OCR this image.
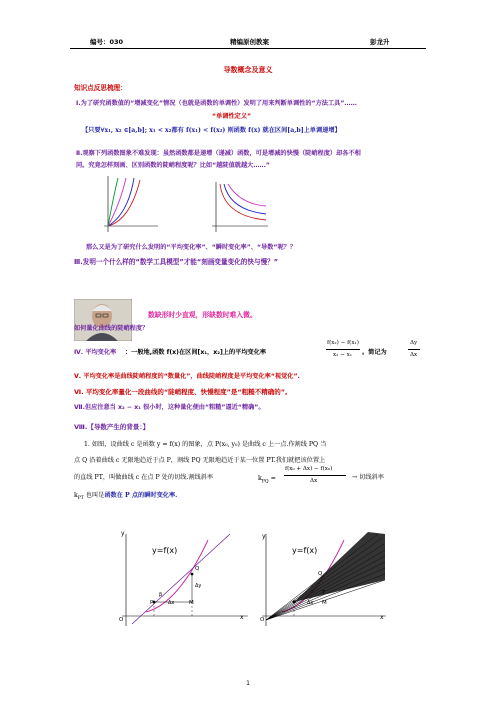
编号：030	精编原创教案	彭龙升
导数概念及意义
知识点反思梳理：
Ⅰ.为了研究函数值的“增减变化”情况（也就是函数的单调性）发明了用来判断单调性的“方法工具”……
“单调性定义”
【只要∀x₁, x₂ ∈[a,b]; x₁ < x₂都有 f(x₁) < f(x₂) 则函数 f(x) 就在区间[a,b]上单调递增】
Ⅱ.观察下列函数图象不难发现：虽然函数都是递增（递减）函数，可是增减的快慢（陡峭程度）却各不相
同。究竟怎样刻画、区别函数的陡峭程度呢？比如“越陡值就越大……”
那么又是为了研究什么发明的“平均变化率”、“瞬时变化率”、“导数”呢？？
Ⅲ.发明一个什么样的“数学工具模型”才能“刻画变量变化的快与慢？”
数缺形时少直观，形缺数时难入微。
如何量化曲线的陡峭程度？
Ⅳ. 平均变化率 ：一般地,函数 f(x)在区间[x₁，x₂]上的平均变化率
f(x₂) − f(x₁)
x₂ − x₁ 。简记为
Δy
Δx
Ⅴ. 平均变化率是曲线陡峭程度的“数量化”，曲线陡峭程度是平均变化率“视觉化”.
Ⅵ. 平均变化率量化一段曲线的“陡峭程度、快慢程度”是“粗糙不精确的”,
Ⅶ.但应注意当 x₂ − x₁ 很小时，这种量化便由“粗糙”逼近“精确”。
Ⅷ.【导数产生的背景：】
1. 如图，设曲线 c 是函数 y = f(x) 的图象，点 P(x₀, y₀) 是曲线 c 上一点.作割线 PQ 当
点 Q 沿着曲线 c 无限地趋近于点 P，割线 PQ 无限地趋近于某一位置 PT.我们就把该位置上
的直线 PT，叫做曲线 c 在点 P 处的切线.割线斜率	$k_{PQ}$ =
f(x₀ + Δx) − f(x₀)
Δx	→ 切线斜率
$k_{PT}$ 也叫是函数在 P 点的瞬时变化率.
y
y=f(x)
Q
Δy
β
P	Δx	M
O	x
y
y=f(x)
Q
T
P Δx M
O	x
1
